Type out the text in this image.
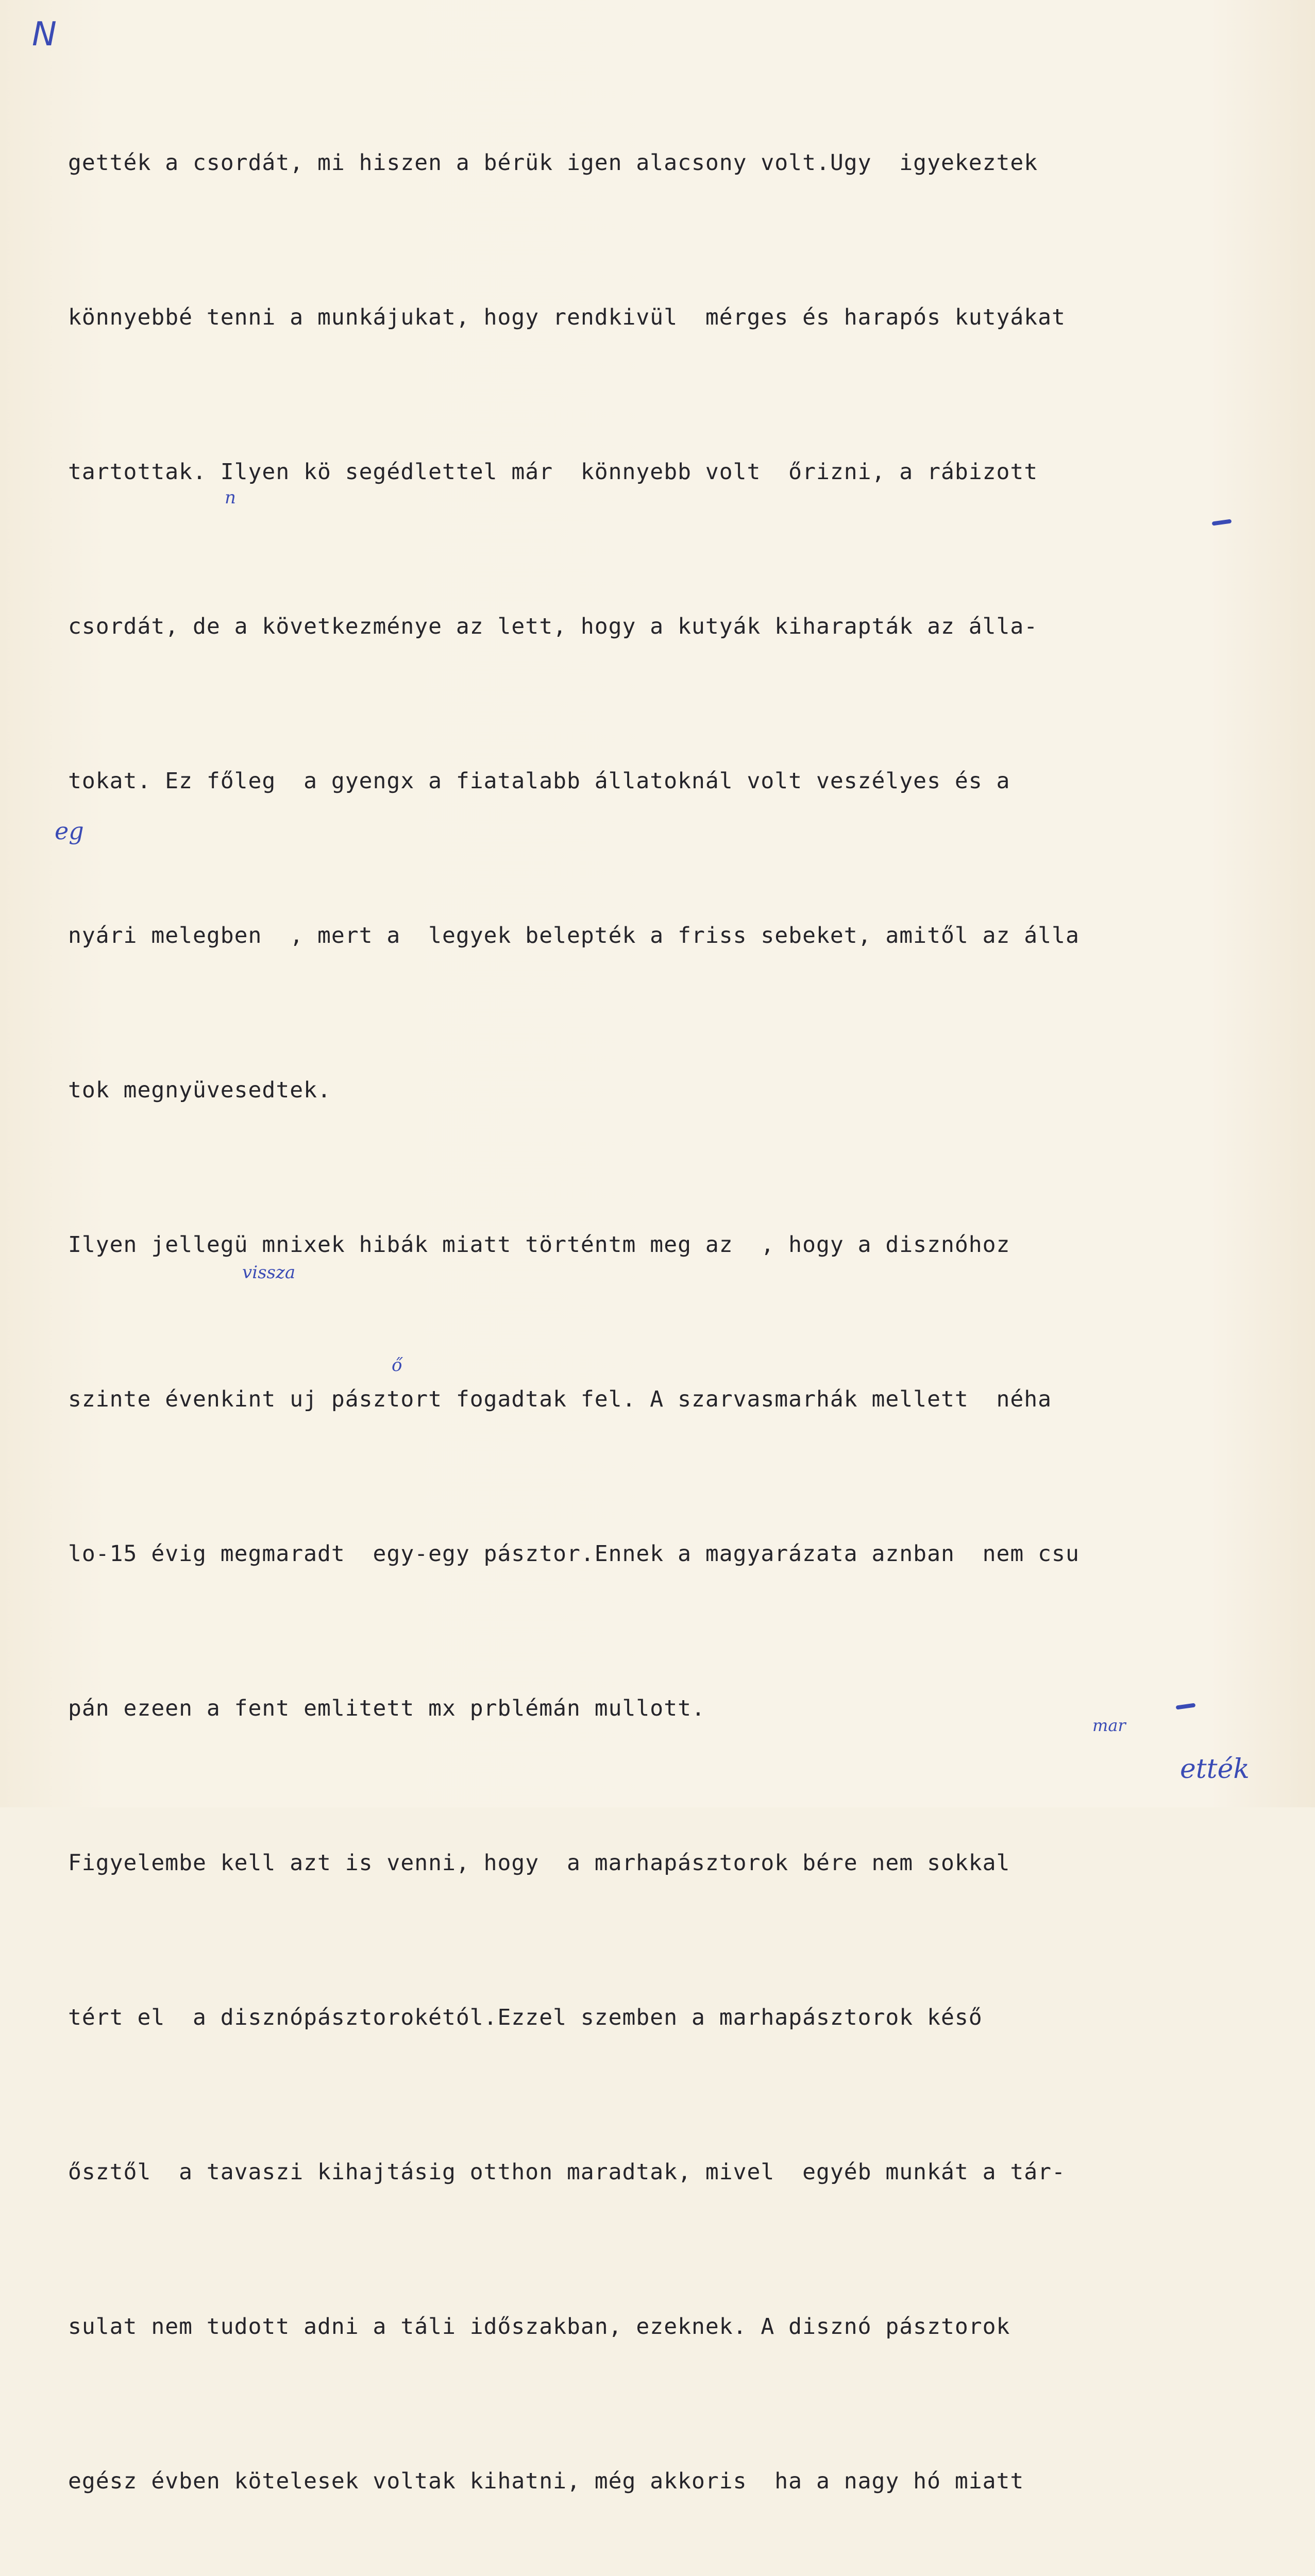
N

gették a csordát, mi hiszen a bérük igen alacsony volt.Ugy  igyekeztek

könnyebbé tenni a munkájukat, hogy rendkivül  mérges és harapós kutyákat

tartottak. Ilyen kö segédlettel már  könnyebb volt  őrizni, a rábizott

csordát, de a következménye az lett, hogy a kutyák kiharapták az álla-

tokat. Ez főleg  a gyengx a fiatalabb állatoknál volt veszélyes és a

nyári melegben  , mert a  legyek belepték a friss sebeket, amitől az álla

tok megnyüvesedtek.

Ilyen jellegü mnixek hibák miatt történtm meg az  , hogy a disznóhoz

szinte évenkint uj pásztort fogadtak fel. A szarvasmarhák mellett  néha

lo-15 évig megmaradt  egy-egy pásztor.Ennek a magyarázata aznban  nem csu

pán ezeen a fent emlitett mx prblémán mullott.

Figyelembe kell azt is venni, hogy  a marhapásztorok bére nem sokkal

tért el  a disznópásztorokétól.Ezzel szemben a marhapásztorok késő

ősztől  a tavaszi kihajtásig otthon maradtak, mivel  egyéb munkát a tár-

sulat nem tudott adni a táli időszakban, ezeknek. A disznó pásztorok

egész évben kötelesek voltak kihatni, még akkoris  ha a nagy hó miatt

n
eg
vissza
ő
mar
ették
